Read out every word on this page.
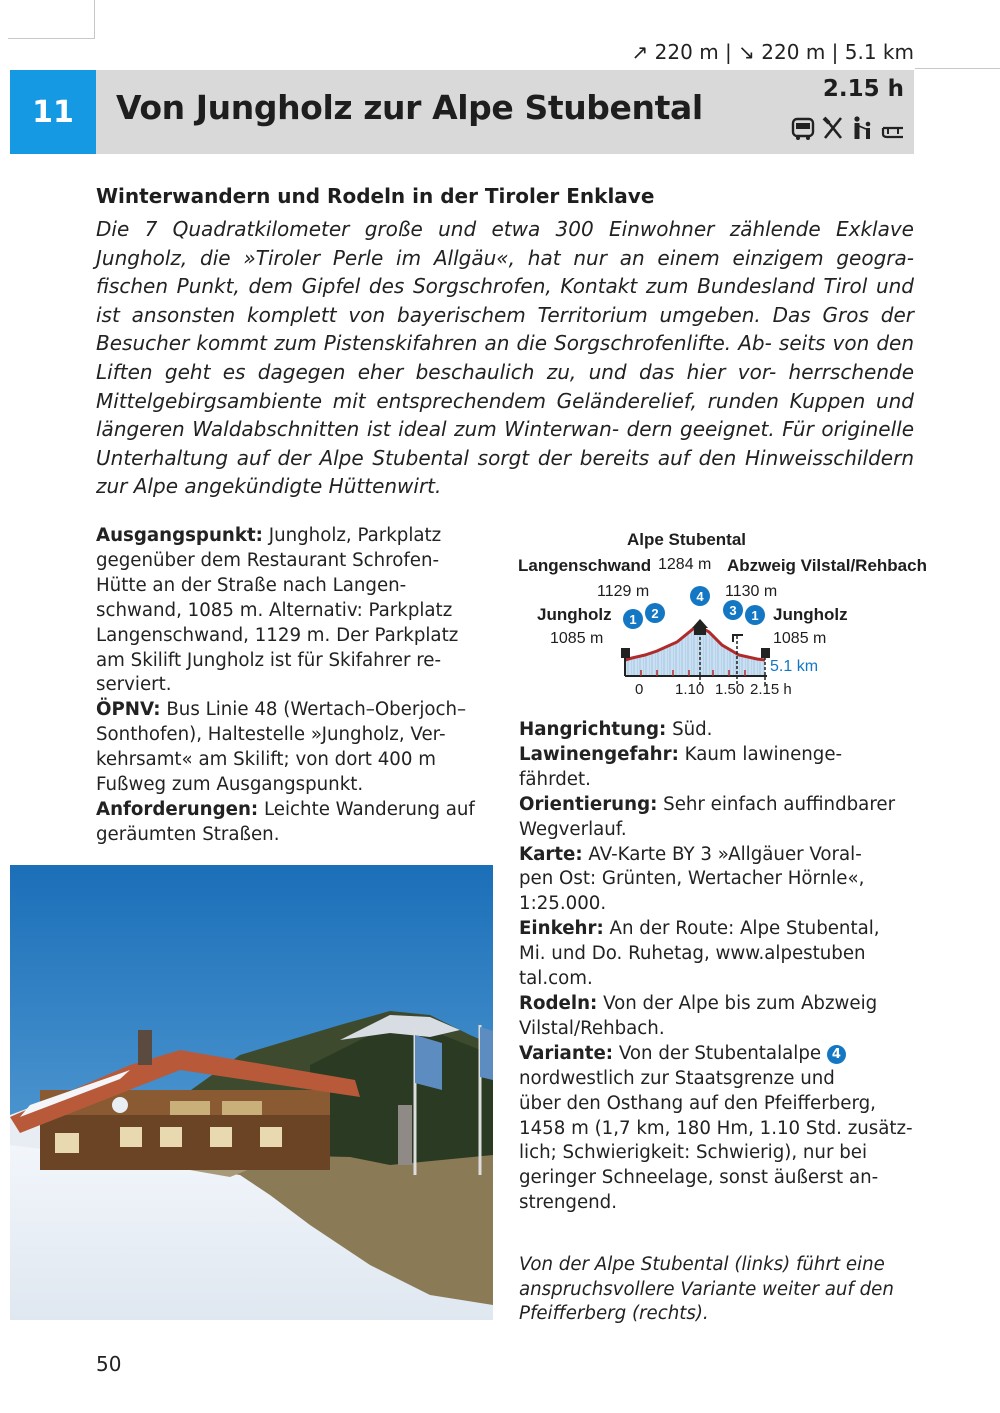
↗ 220 m | ↘ 220 m | 5.1 km
11	Von Jungholz zur Alpe Stubental	2.15 h
Winterwandern und Rodeln in der Tiroler Enklave
Die 7 Quadratkilometer große und etwa 300 Einwohner zählende Exklave Jungholz, die »Tiroler Perle im Allgäu«, hat nur an einem einzigem geogra- fischen Punkt, dem Gipfel des Sorgschrofen, Kontakt zum Bundesland Tirol und ist ansonsten komplett von bayerischem Territorium umgeben. Das Gros der Besucher kommt zum Pistenskifahren an die Sorgschrofenlifte. Ab- seits von den Liften geht es dagegen eher beschaulich zu, und das hier vor- herrschende Mittelgebirgsambiente mit entsprechendem Geländerelief, runden Kuppen und längeren Waldabschnitten ist ideal zum Winterwan- dern geeignet. Für originelle Unterhaltung auf der Alpe Stubental sorgt der bereits auf den Hinweisschildern zur Alpe angekündigte Hüttenwirt.
Ausgangspunkt: Jungholz, Parkplatz
gegenüber dem Restaurant Schrofen-
Hütte an der Straße nach Langen-
schwand, 1085 m. Alternativ: Parkplatz
Langenschwand, 1129 m. Der Parkplatz
am Skilift Jungholz ist für Skifahrer re-
serviert.
ÖPNV: Bus Linie 48 (Wertach–Oberjoch–
Sonthofen), Haltestelle »Jungholz, Ver-
kehrsamt« am Skilift; von dort 400 m
Fußweg zum Ausgangspunkt.
Anforderungen: Leichte Wanderung auf
geräumten Straßen.
Alpe Stubental
Langenschwand 1284 m Abzweig Vilstal/Rehbach
1129 m	1130 m
Jungholz	Jungholz
1085 m	1085 m
1 2
4
3 1
5.1 km
0 1.10 1.50 2.15 h
Hangrichtung: Süd.
Lawinengefahr: Kaum lawinenge-
fährdet.
Orientierung: Sehr einfach auffindbarer
Wegverlauf.
Karte: AV-Karte BY 3 »Allgäuer Voral-
pen Ost: Grünten, Wertacher Hörnle«,
1:25.000.
Einkehr: An der Route: Alpe Stubental,
Mi. und Do. Ruhetag, www.alpestuben
tal.com.
Rodeln: Von der Alpe bis zum Abzweig
Vilstal/Rehbach.
Variante: Von der Stubentalalpe 4
nordwestlich zur Staatsgrenze und
über den Osthang auf den Pfeifferberg,
1458 m (1,7 km, 180 Hm, 1.10 Std. zusätz-
lich; Schwierigkeit: Schwierig), nur bei
geringer Schneelage, sonst äußerst an-
strengend.
Von der Alpe Stubental (links) führt eine
anspruchsvollere Variante weiter auf den
Pfeifferberg (rechts).
50
